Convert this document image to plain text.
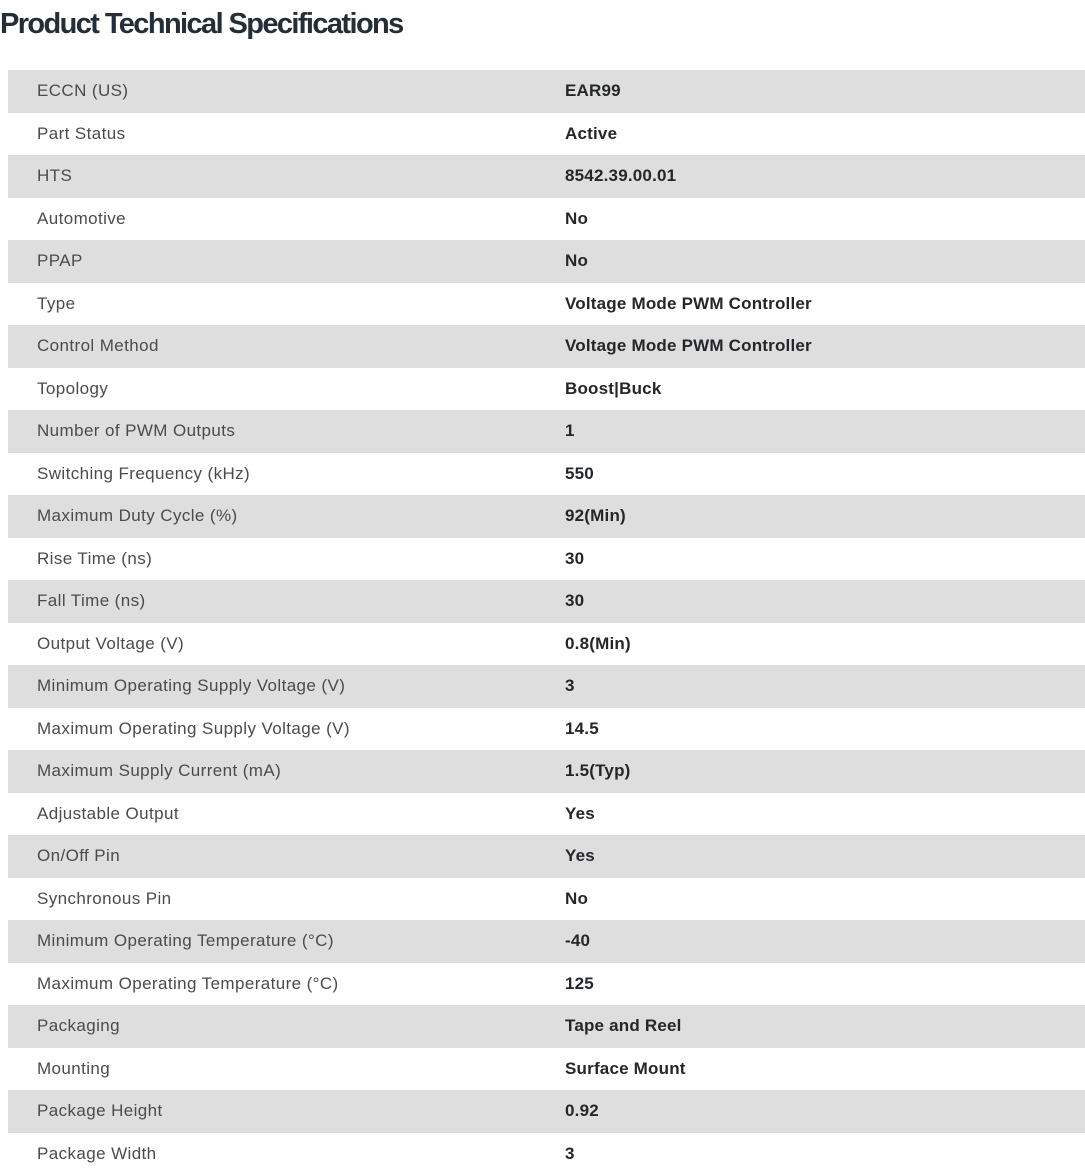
Product Technical Specifications
ECCN (US)	EAR99
Part Status	Active
HTS	8542.39.00.01
Automotive	No
PPAP	No
Type	Voltage Mode PWM Controller
Control Method	Voltage Mode PWM Controller
Topology	Boost|Buck
Number of PWM Outputs	1
Switching Frequency (kHz)	550
Maximum Duty Cycle (%)	92(Min)
Rise Time (ns)	30
Fall Time (ns)	30
Output Voltage (V)	0.8(Min)
Minimum Operating Supply Voltage (V)	3
Maximum Operating Supply Voltage (V)	14.5
Maximum Supply Current (mA)	1.5(Typ)
Adjustable Output	Yes
On/Off Pin	Yes
Synchronous Pin	No
Minimum Operating Temperature (°C)	-40
Maximum Operating Temperature (°C)	125
Packaging	Tape and Reel
Mounting	Surface Mount
Package Height	0.92
Package Width	3
